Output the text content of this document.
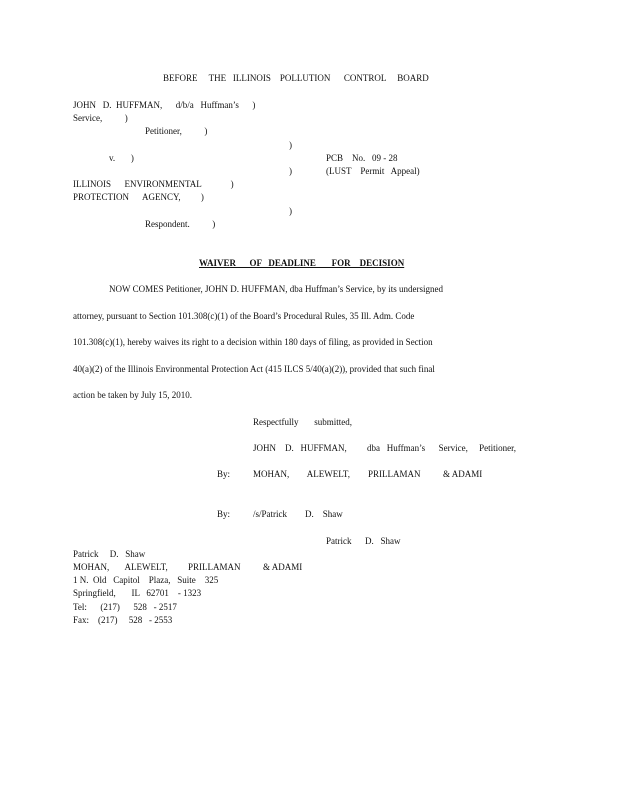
BEFORE     THE   ILLINOIS    POLLUTION      CONTROL     BOARD
JOHN   D.  HUFFMAN,      d/b/a   Huffman’s      )
Service,          )
Petitioner,          )
)
v.       )	PCB    No.   09 - 28
)	(LUST    Permit   Appeal)
ILLINOIS      ENVIRONMENTAL             )
PROTECTION      AGENCY,         )
)
Respondent.          )
WAIVER      OF   DEADLINE       FOR    DECISION
NOW COMES Petitioner, JOHN D. HUFFMAN, dba Huffman’s Service, by its undersigned
attorney, pursuant to Section 101.308(c)(1) of the Board’s Procedural Rules, 35 Ill. Adm. Code
101.308(c)(1), hereby waives its right to a decision within 180 days of filing, as provided in Section
40(a)(2) of the Illinois Environmental Protection Act (415 ILCS 5/40(a)(2)), provided that such final
action be taken by July 15, 2010.
Respectfully       submitted,
JOHN    D.   HUFFMAN,         dba   Huffman’s      Service,     Petitioner,
By:	MOHAN,        ALEWELT,        PRILLAMAN          & ADAMI
By:	/s/Patrick        D.    Shaw
Patrick      D.   Shaw
Patrick     D.   Shaw
MOHAN,       ALEWELT,         PRILLAMAN          & ADAMI
1 N.  Old   Capitol    Plaza,   Suite    325
Springfield,       IL   62701    - 1323
Tel:      (217)      528   - 2517
Fax:    (217)     528   - 2553
